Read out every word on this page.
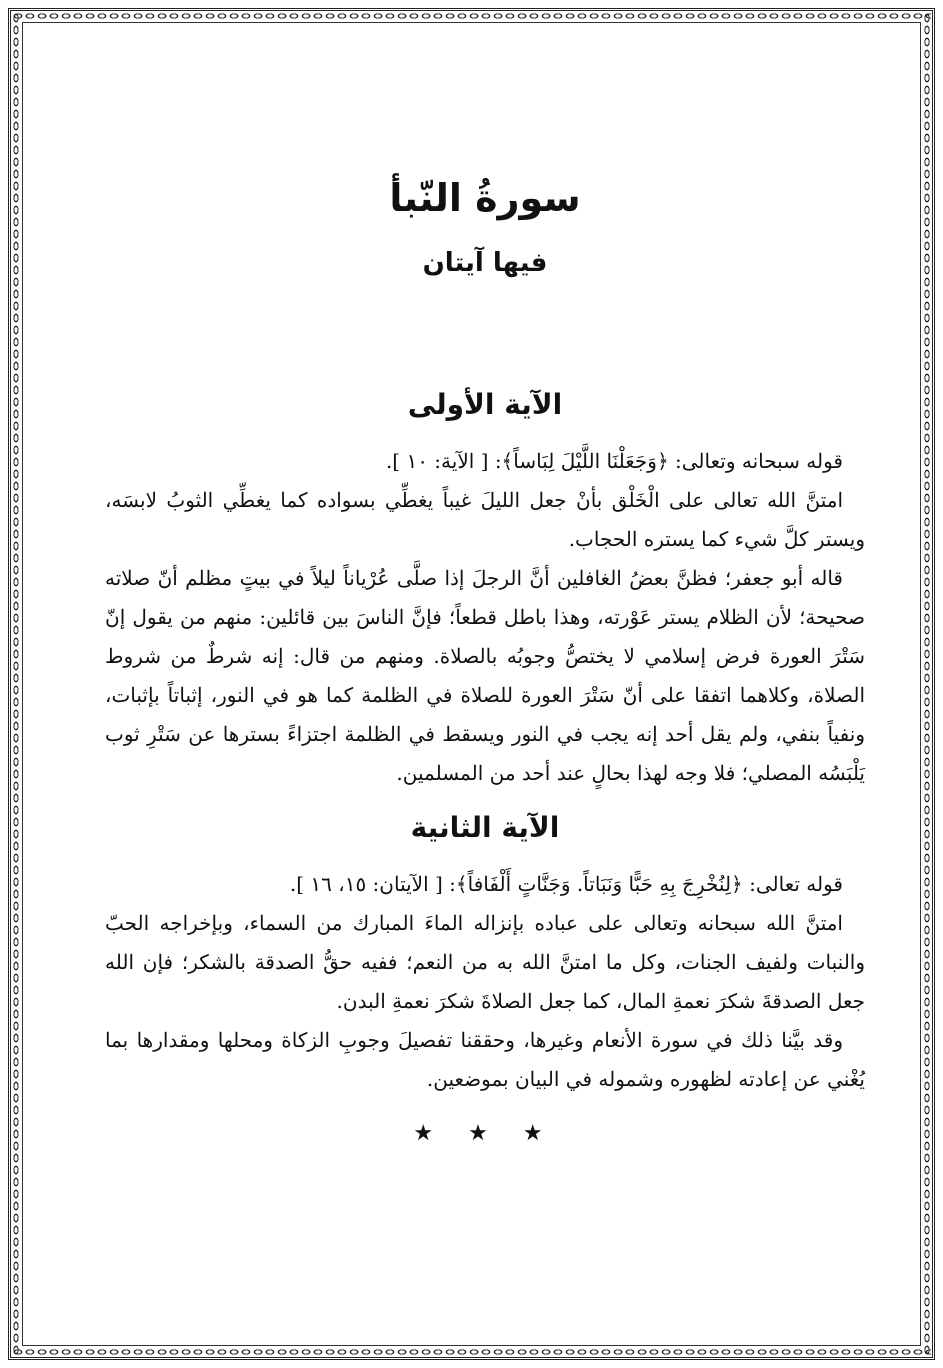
سورةُ النّبأ
فيها آيتان
الآية الأولى

قوله سبحانه وتعالى: ﴿وَجَعَلْنَا اللَّيْلَ لِبَاساً﴾: [ الآية: ١٠ ].

امتنَّ الله تعالى على الْخَلْق بأنْ جعل الليلَ غيباً يغطِّي بسواده كما يغطِّي الثوبُ لابسَه، ويستر كلَّ شيء كما يستره الحجاب.

قاله أبو جعفر؛ فظنَّ بعضُ الغافلين أنَّ الرجلَ إذا صلَّى عُرْياناً ليلاً في بيتٍ مظلم أنّ صلاته صحيحة؛ لأن الظلام يستر عَوْرته، وهذا باطل قطعاً؛ فإنَّ الناسَ بين قائلين: منهم من يقول إنّ سَتْرَ العورة فرض إسلامي لا يختصُّ وجوبُه بالصلاة. ومنهم من قال: إنه شرطٌ من شروط الصلاة، وكلاهما اتفقا على أنّ سَتْرَ العورة للصلاة في الظلمة كما هو في النور، إثباتاً بإثبات، ونفياً بنفي، ولم يقل أحد إنه يجب في النور ويسقط في الظلمة اجتزاءً بسترها عن سَتْرِ ثوب يَلْبَسُه المصلي؛ فلا وجه لهذا بحالٍ عند أحد من المسلمين.

الآية الثانية

قوله تعالى: ﴿لِنُخْرِجَ بِهِ حَبًّا وَنَبَاتاً. وَجَنَّاتٍ أَلْفَافاً﴾: [ الآيتان: ١٥، ١٦ ].

امتنَّ الله سبحانه وتعالى على عباده بإنزاله الماءَ المبارك من السماء، وبإخراجه الحبّ والنبات ولفيف الجنات، وكل ما امتنَّ الله به من النعم؛ ففيه حقُّ الصدقة بالشكر؛ فإن الله جعل الصدقةَ شكرَ نعمةِ المال، كما جعل الصلاةَ شكرَ نعمةِ البدن.

وقد بيَّنا ذلك في سورة الأنعام وغيرها، وحققنا تفصيلَ وجوبِ الزكاة ومحلها ومقدارها بما يُغْني عن إعادته لظهوره وشموله في البيان بموضعين.

★ ★ ★
